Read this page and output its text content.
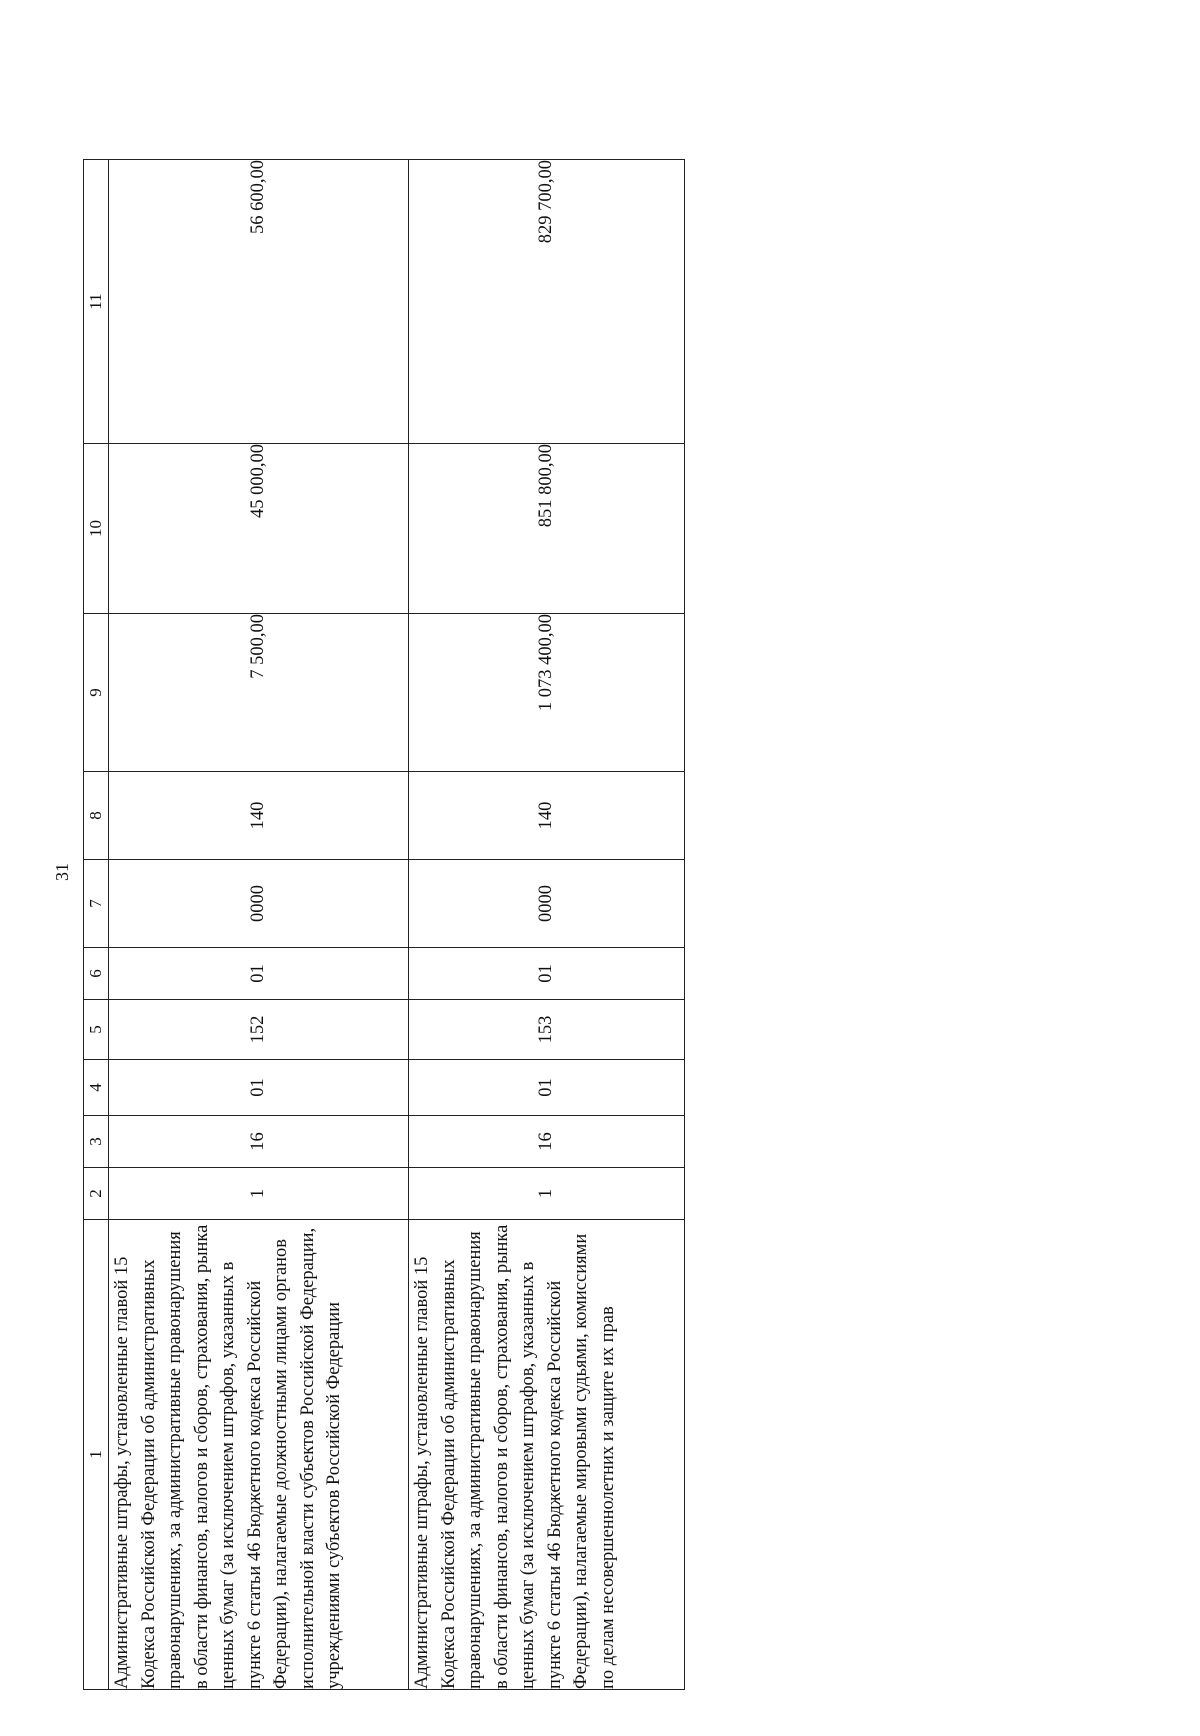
31
1	2	3	4	5	6	7	8	9	10	11
Административные штрафы, установленные главой 15 Кодекса Российской Федерации об административных правонарушениях, за административные правонарушения в области финансов, налогов и сборов, страхования, рынка ценных бумаг (за исключением штрафов, указанных в пункте 6 статьи 46 Бюджетного кодекса Российской Федерации), налагаемые должностными лицами органов исполнительной власти субъектов Российской Федерации, учреждениями субъектов Российской Федерации	1	16	01	152	01	0000	140	7 500,00	45 000,00	56 600,00
Административные штрафы, установленные главой 15 Кодекса Российской Федерации об административных правонарушениях, за административные правонарушения в области финансов, налогов и сборов, страхования, рынка ценных бумаг (за исключением штрафов, указанных в пункте 6 статьи 46 Бюджетного кодекса Российской Федерации), налагаемые мировыми судьями, комиссиями по делам несовершеннолетних и защите их прав	1	16	01	153	01	0000	140	1 073 400,00	851 800,00	829 700,00
